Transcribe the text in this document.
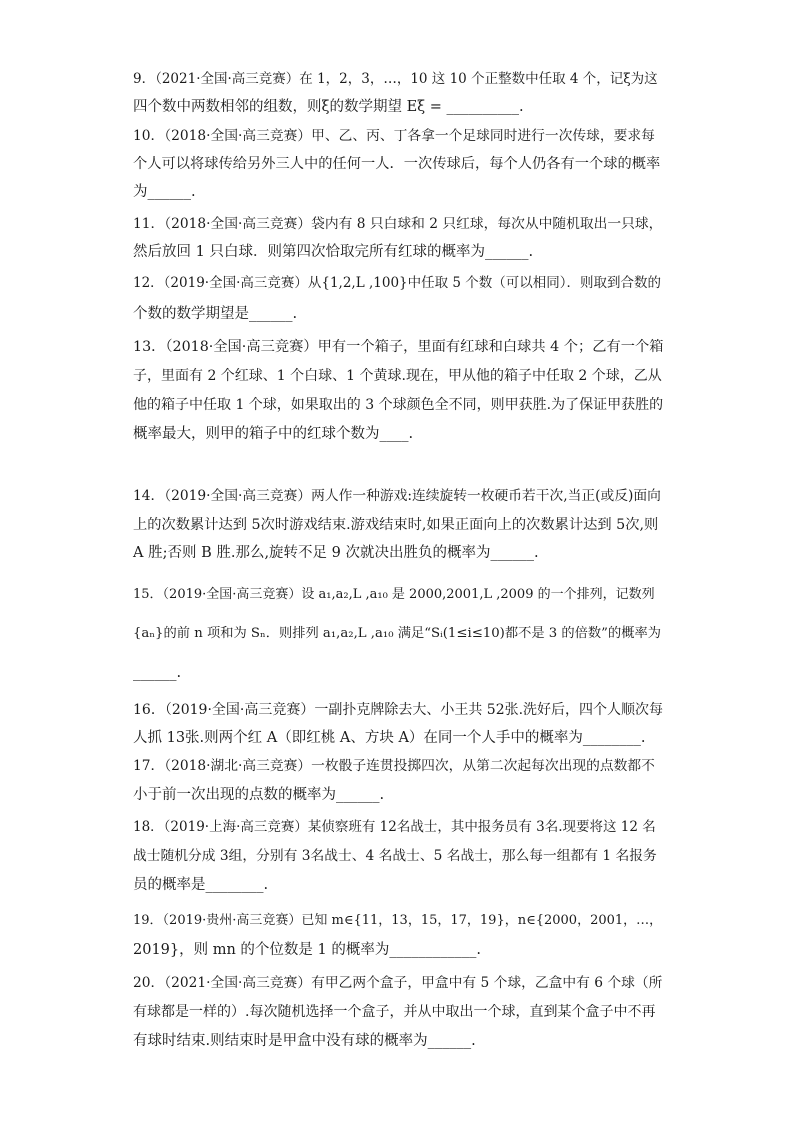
9．（2021·全国·高三竞赛）在 1，2，3，…，10 这 10 个正整数中任取 4 个，记ξ为这
四个数中两数相邻的组数，则ξ的数学期望 Eξ = __________.
10．（2018·全国·高三竞赛）甲、乙、丙、丁各拿一个足球同时进行一次传球，要求每
个人可以将球传给另外三人中的任何一人．一次传球后，每个人仍各有一个球的概率
为______.
11．（2018·全国·高三竞赛）袋内有 8 只白球和 2 只红球，每次从中随机取出一只球，
然后放回 1 只白球．则第四次恰取完所有红球的概率为______.
12．（2019·全国·高三竞赛）从{1,2,L ,100}中任取 5 个数（可以相同）．则取到合数的
个数的数学期望是______.
13．（2018·全国·高三竞赛）甲有一个箱子，里面有红球和白球共 4 个；乙有一个箱
子，里面有 2 个红球、1 个白球、1 个黄球.现在，甲从他的箱子中任取 2 个球，乙从
他的箱子中任取 1 个球，如果取出的 3 个球颜色全不同，则甲获胜.为了保证甲获胜的
概率最大，则甲的箱子中的红球个数为____.
14．（2019·全国·高三竞赛）两人作一种游戏:连续旋转一枚硬币若干次,当正(或反)面向
上的次数累计达到 5次时游戏结束.游戏结束时,如果正面向上的次数累计达到 5次,则
A 胜;否则 B 胜.那么,旋转不足 9 次就决出胜负的概率为______.
15．（2019·全国·高三竞赛）设 a₁,a₂,L ,a₁₀ 是 2000,2001,L ,2009 的一个排列，记数列
{aₙ}的前 n 项和为 Sₙ．则排列 a₁,a₂,L ,a₁₀ 满足“Sᵢ(1≤i≤10)都不是 3 的倍数”的概率为
______.
16．（2019·全国·高三竞赛）一副扑克牌除去大、小王共 52张.洗好后，四个人顺次每
人抓 13张.则两个红 A（即红桃 A、方块 A）在同一个人手中的概率为________.
17．（2018·湖北·高三竞赛）一枚骰子连贯投掷四次，从第二次起每次出现的点数都不
小于前一次出现的点数的概率为______.
18．（2019·上海·高三竞赛）某侦察班有 12名战士，其中报务员有 3名.现要将这 12 名
战士随机分成 3组，分别有 3名战士、4 名战士、5 名战士，那么每一组都有 1 名报务
员的概率是________.
19．（2019·贵州·高三竞赛）已知 m∈{11，13，15，17，19}，n∈{2000，2001，…，
2019}，则 mn 的个位数是 1 的概率为____________.
20．（2021·全国·高三竞赛）有甲乙两个盒子，甲盒中有 5 个球，乙盒中有 6 个球（所
有球都是一样的）.每次随机选择一个盒子，并从中取出一个球，直到某个盒子中不再
有球时结束.则结束时是甲盒中没有球的概率为______.
